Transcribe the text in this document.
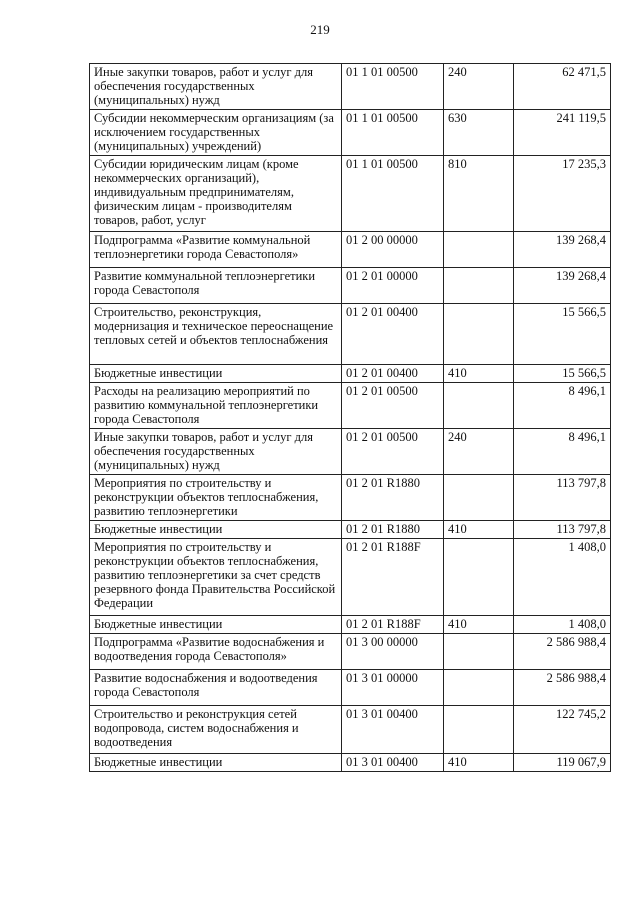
219
Иные закупки товаров, работ и услуг для обеспечения государственных (муниципальных) нужд	01 1 01 00500	240	62 471,5
Субсидии некоммерческим организациям (за исключением государственных (муниципальных) учреждений)	01 1 01 00500	630	241 119,5
Субсидии юридическим лицам (кроме некоммерческих организаций), индивидуальным предпринимателям, физическим лицам - производителям товаров, работ, услуг	01 1 01 00500	810	17 235,3
Подпрограмма «Развитие коммунальной теплоэнергетики города Севастополя»	01 2 00 00000		139 268,4
Развитие коммунальной теплоэнергетики города Севастополя	01 2 01 00000		139 268,4
Строительство, реконструкция, модернизация и техническое переоснащение тепловых сетей и объектов теплоснабжения	01 2 01 00400		15 566,5
Бюджетные инвестиции	01 2 01 00400	410	15 566,5
Расходы на реализацию мероприятий по развитию коммунальной теплоэнергетики города Севастополя	01 2 01 00500		8 496,1
Иные закупки товаров, работ и услуг для обеспечения государственных (муниципальных) нужд	01 2 01 00500	240	8 496,1
Мероприятия по строительству и реконструкции объектов теплоснабжения, развитию теплоэнергетики	01 2 01 R1880		113 797,8
Бюджетные инвестиции	01 2 01 R1880	410	113 797,8
Мероприятия по строительству и реконструкции объектов теплоснабжения, развитию теплоэнергетики за счет средств резервного фонда Правительства Российской Федерации	01 2 01 R188F		1 408,0
Бюджетные инвестиции	01 2 01 R188F	410	1 408,0
Подпрограмма «Развитие водоснабжения и водоотведения города Севастополя»	01 3 00 00000		2 586 988,4
Развитие водоснабжения и водоотведения города Севастополя	01 3 01 00000		2 586 988,4
Строительство и реконструкция сетей водопровода, систем водоснабжения и водоотведения	01 3 01 00400		122 745,2
Бюджетные инвестиции	01 3 01 00400	410	119 067,9
